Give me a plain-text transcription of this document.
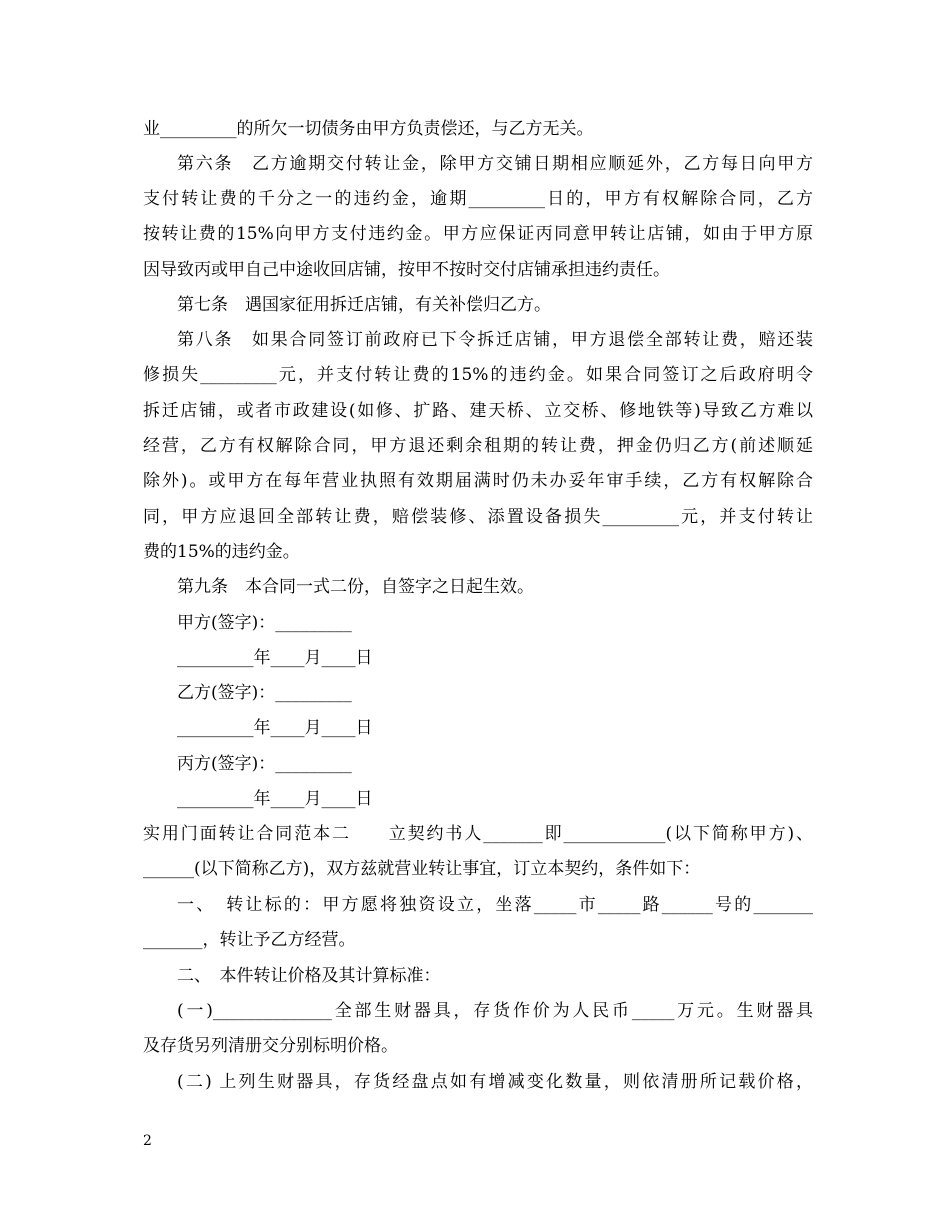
业_________的所欠一切债务由甲方负责偿还，与乙方无关。
第六条　乙方逾期交付转让金，除甲方交铺日期相应顺延外，乙方每日向甲方
支付转让费的千分之一的违约金，逾期_________日的，甲方有权解除合同，乙方
按转让费的15%向甲方支付违约金。甲方应保证丙同意甲转让店铺，如由于甲方原
因导致丙或甲自己中途收回店铺，按甲不按时交付店铺承担违约责任。
第七条　遇国家征用拆迁店铺，有关补偿归乙方。
第八条　如果合同签订前政府已下令拆迁店铺，甲方退偿全部转让费，赔还装
修损失_________元，并支付转让费的15%的违约金。如果合同签订之后政府明令
拆迁店铺，或者市政建设(如修、扩路、建天桥、立交桥、修地铁等)导致乙方难以
经营，乙方有权解除合同，甲方退还剩余租期的转让费，押金仍归乙方(前述顺延
除外)。或甲方在每年营业执照有效期届满时仍未办妥年审手续，乙方有权解除合
同，甲方应退回全部转让费，赔偿装修、添置设备损失_________元，并支付转让
费的15%的违约金。
第九条　本合同一式二份，自签字之日起生效。
甲方(签字)：_________
_________年____月____日
乙方(签字)：_________
_________年____月____日
丙方(签字)：_________
_________年____月____日
实用门面转让合同范本二　　立契约书人_______即____________(以下简称甲方)、
______(以下简称乙方)，双方兹就营业转让事宜，订立本契约，条件如下：
一、　转让标的：甲方愿将独资设立，坐落_____市_____路______号的_______
_______，转让予乙方经营。
二、　本件转让价格及其计算标准：
(一)______________全部生财器具，存货作价为人民币_____万元。生财器具
及存货另列清册交分别标明价格。
(二) 上列生财器具，存货经盘点如有增减变化数量，则依清册所记载价格，
2
